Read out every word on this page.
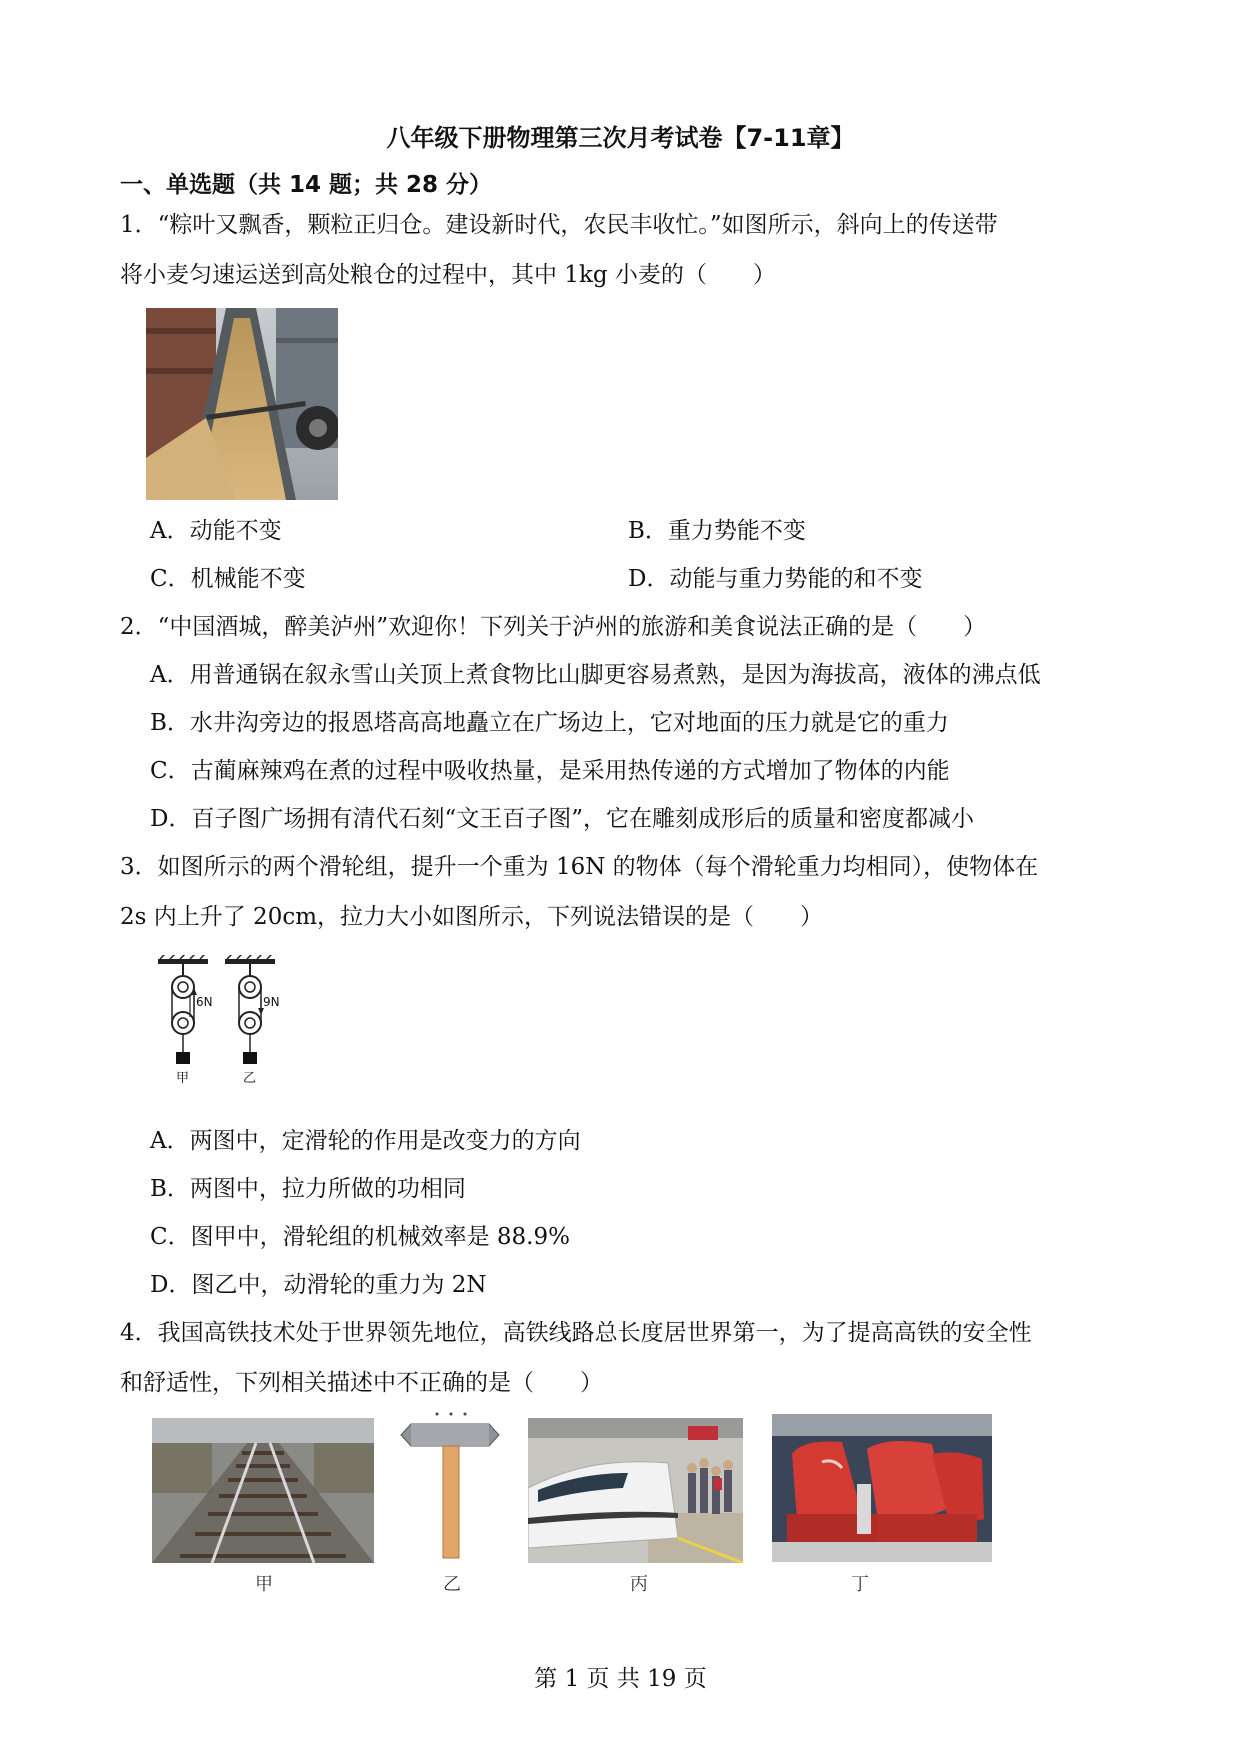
八年级下册物理第三次月考试卷【7-11章】
一、单选题（共 14 题；共 28 分）
1．“粽叶又飘香，颗粒正归仓。建设新时代，农民丰收忙。”如图所示，斜向上的传送带
将小麦匀速运送到高处粮仓的过程中，其中 1kg 小麦的（　　）
A．动能不变	B．重力势能不变
C．机械能不变	D．动能与重力势能的和不变
2．“中国酒城，醉美泸州”欢迎你！下列关于泸州的旅游和美食说法正确的是（　　）
A．用普通锅在叙永雪山关顶上煮食物比山脚更容易煮熟，是因为海拔高，液体的沸点低
B．水井沟旁边的报恩塔高高地矗立在广场边上，它对地面的压力就是它的重力
C．古蔺麻辣鸡在煮的过程中吸收热量，是采用热传递的方式增加了物体的内能
D．百子图广场拥有清代石刻“文王百子图”，它在雕刻成形后的质量和密度都减小
3．如图所示的两个滑轮组，提升一个重为 16N 的物体（每个滑轮重力均相同），使物体在
2s 内上升了 20cm，拉力大小如图所示，下列说法错误的是（　　）
6N	9N
甲	乙
A．两图中，定滑轮的作用是改变力的方向
B．两图中，拉力所做的功相同
C．图甲中，滑轮组的机械效率是 88.9%
D．图乙中，动滑轮的重力为 2N
4．我国高铁技术处于世界领先地位，高铁线路总长度居世界第一，为了提高高铁的安全性
和舒适性，下列相关描述中不正确的是（　　）
甲	乙	丙	丁
第 1 页 共 19 页
